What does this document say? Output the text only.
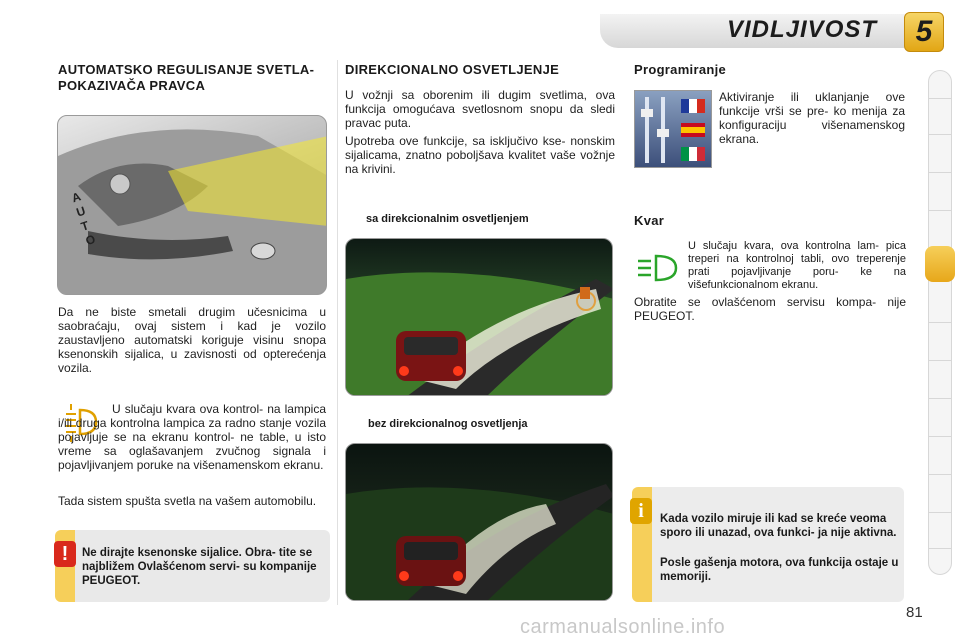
VIDLJIVOST	5
AUTOMATSKO REGULISANJE SVETLA-POKAZIVAČA PRAVCA
AUTO

Da ne biste smetali drugim učesnicima u saobraćaju, ovaj sistem i kad je vozilo zaustavljeno automatski koriguje visinu snopa ksenonskih sijalica, u zavisnosti od opterećenja vozila.

U slučaju kvara ova kontrol- na lampica i/ili druga kontrolna lampica za radno stanje vozila pojavljuje se na ekranu kontrol- ne table, u isto vreme sa oglašavanjem zvučnog signala i pojavljivanjem poruke na višenamenskom ekranu.

Tada sistem spušta svetla na vašem automobilu.

!	Ne dirajte ksenonske sijalice. Obra- tite se najbližem Ovlašćenom servi- su kompanije PEUGEOT.
DIREKCIONALNO OSVETLJENJE

U vožnji sa oborenim ili dugim svetlima, ova funkcija omogućava svetlosnom snopu da sledi pravac puta.

Upotreba ove funkcije, sa isključivo kse- nonskim sijalicama, znatno poboljšava kvalitet vaše vožnje na krivini.

sa direkcionalnim osvetljenjem
bez direkcionalnog osvetljenja
Programiranje

Aktiviranje ili uklanjanje ove funkcije vrši se pre- ko menija za konfiguraciju višenamenskog ekrana.

Kvar

U slučaju kvara, ova kontrolna lam- pica treperi na kontrolnoj tabli, ovo treperenje prati pojavljivanje poru- ke na višefunkcionalnom ekranu.

Obratite se ovlašćenom servisu kompa- nije PEUGEOT.

i	Kada vozilo miruje ili kad se kreće veoma sporo ili unazad, ova funkci- ja nije aktivna.
Posle gašenja motora, ova funkcija ostaje u memoriji.
81
carmanualsonline.info
